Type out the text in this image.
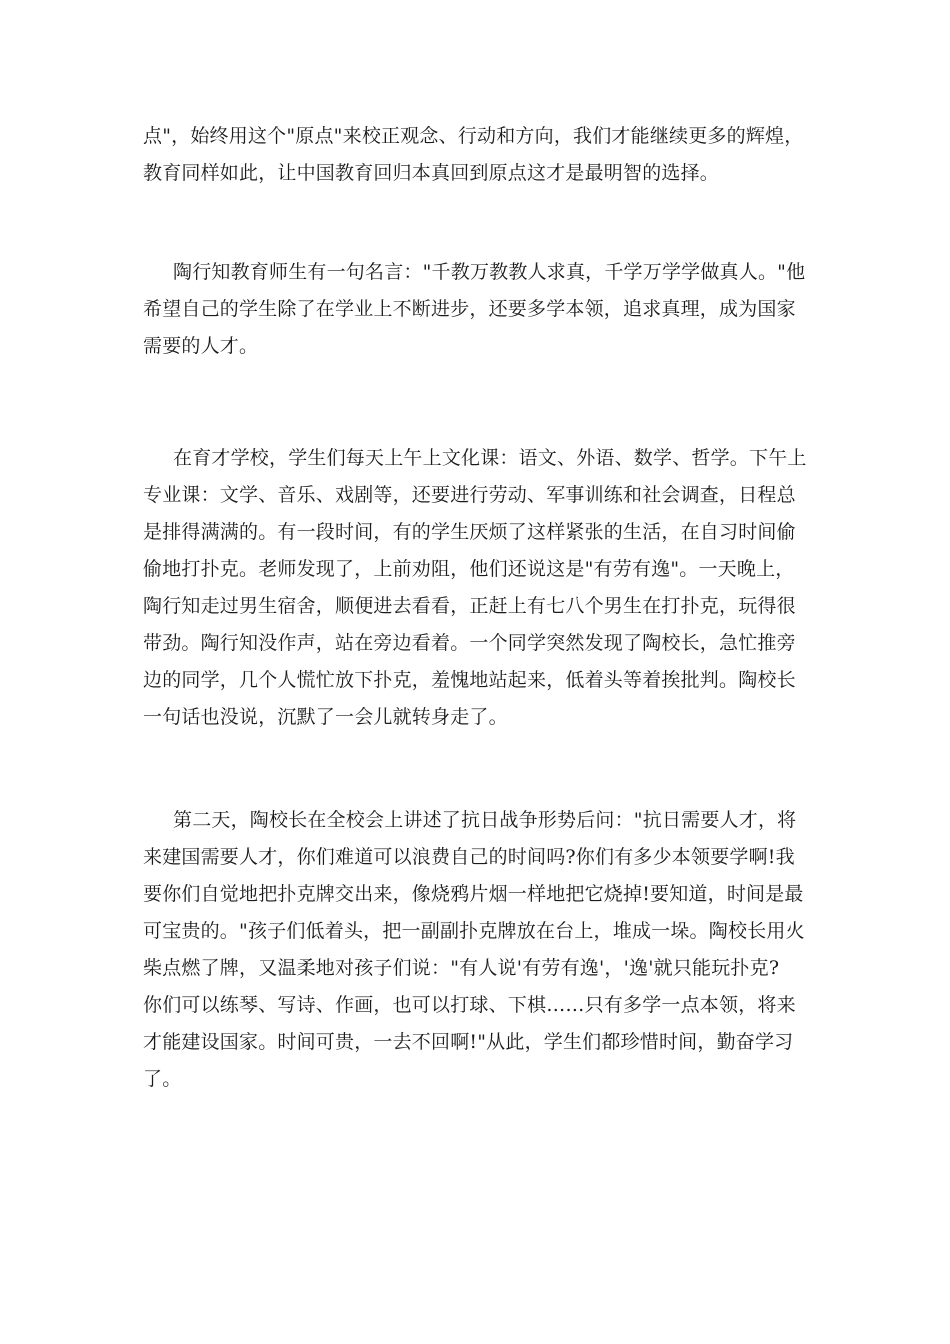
点"，始终用这个"原点"来校正观念、行动和方向，我们才能继续更多的辉煌，
教育同样如此，让中国教育回归本真回到原点这才是最明智的选择。
陶行知教育师生有一句名言："千教万教教人求真，千学万学学做真人。"他
希望自己的学生除了在学业上不断进步，还要多学本领，追求真理，成为国家
需要的人才。
在育才学校，学生们每天上午上文化课：语文、外语、数学、哲学。下午上
专业课：文学、音乐、戏剧等，还要进行劳动、军事训练和社会调查，日程总
是排得满满的。有一段时间，有的学生厌烦了这样紧张的生活，在自习时间偷
偷地打扑克。老师发现了，上前劝阻，他们还说这是"有劳有逸"。一天晚上，
陶行知走过男生宿舍，顺便进去看看，正赶上有七八个男生在打扑克，玩得很
带劲。陶行知没作声，站在旁边看着。一个同学突然发现了陶校长，急忙推旁
边的同学，几个人慌忙放下扑克，羞愧地站起来，低着头等着挨批判。陶校长
一句话也没说，沉默了一会儿就转身走了。
第二天，陶校长在全校会上讲述了抗日战争形势后问："抗日需要人才，将
来建国需要人才，你们难道可以浪费自己的时间吗?你们有多少本领要学啊!我
要你们自觉地把扑克牌交出来，像烧鸦片烟一样地把它烧掉!要知道，时间是最
可宝贵的。"孩子们低着头，把一副副扑克牌放在台上，堆成一垛。陶校长用火
柴点燃了牌，又温柔地对孩子们说："有人说'有劳有逸'，'逸'就只能玩扑克?
你们可以练琴、写诗、作画，也可以打球、下棋……只有多学一点本领，将来
才能建设国家。时间可贵，一去不回啊!"从此，学生们都珍惜时间，勤奋学习
了。
